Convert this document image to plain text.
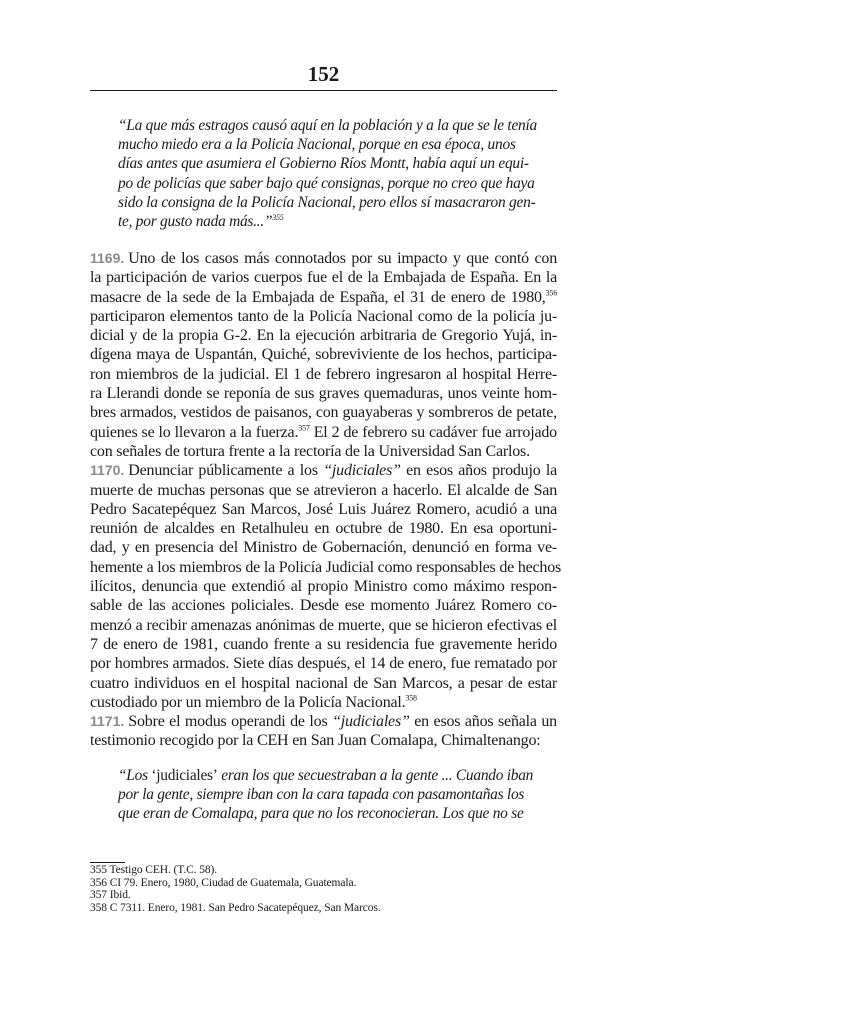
152
“La que más estragos causó aquí en la población y a la que se le tenía
mucho miedo era a la Policía Nacional, porque en esa época, unos
días antes que asumiera el Gobierno Ríos Montt, había aquí un equi-
po de policías que saber bajo qué consignas, porque no creo que haya
sido la consigna de la Policía Nacional, pero ellos sí masacraron gen-
te, por gusto nada más...”$^{355}$
1169. Uno de los casos más connotados por su impacto y que contó con
la participación de varios cuerpos fue el de la Embajada de España. En la
masacre de la sede de la Embajada de España, el 31 de enero de 1980,$^{356}$
participaron elementos tanto de la Policía Nacional como de la policía ju-
dicial y de la propia G-2. En la ejecución arbitraria de Gregorio Yujá, in-
dígena maya de Uspantán, Quiché, sobreviviente de los hechos, participa-
ron miembros de la judicial. El 1 de febrero ingresaron al hospital Herre-
ra Llerandi donde se reponía de sus graves quemaduras, unos veinte hom-
bres armados, vestidos de paisanos, con guayaberas y sombreros de petate,
quienes se lo llevaron a la fuerza.$^{357}$ El 2 de febrero su cadáver fue arrojado
con señales de tortura frente a la rectoría de la Universidad San Carlos.
1170. Denunciar públicamente a los “judiciales” en esos años produjo la
muerte de muchas personas que se atrevieron a hacerlo. El alcalde de San
Pedro Sacatepéquez San Marcos, José Luis Juárez Romero, acudió a una
reunión de alcaldes en Retalhuleu en octubre de 1980. En esa oportuni-
dad, y en presencia del Ministro de Gobernación, denunció en forma ve-
hemente a los miembros de la Policía Judicial como responsables de hechos
ilícitos, denuncia que extendió al propio Ministro como máximo respon-
sable de las acciones policiales. Desde ese momento Juárez Romero co-
menzó a recibir amenazas anónimas de muerte, que se hicieron efectivas el
7 de enero de 1981, cuando frente a su residencia fue gravemente herido
por hombres armados. Siete días después, el 14 de enero, fue rematado por
cuatro individuos en el hospital nacional de San Marcos, a pesar de estar
custodiado por un miembro de la Policía Nacional.$^{358}$
1171. Sobre el modus operandi de los “judiciales” en esos años señala un
testimonio recogido por la CEH en San Juan Comalapa, Chimaltenango:
“Los ‘judiciales’ eran los que secuestraban a la gente ... Cuando iban
por la gente, siempre iban con la cara tapada con pasamontañas los
que eran de Comalapa, para que no los reconocieran. Los que no se
355 Testigo CEH. (T.C. 58).
356 CI 79. Enero, 1980, Ciudad de Guatemala, Guatemala.
357 Ibid.
358 C 7311. Enero, 1981. San Pedro Sacatepéquez, San Marcos.
